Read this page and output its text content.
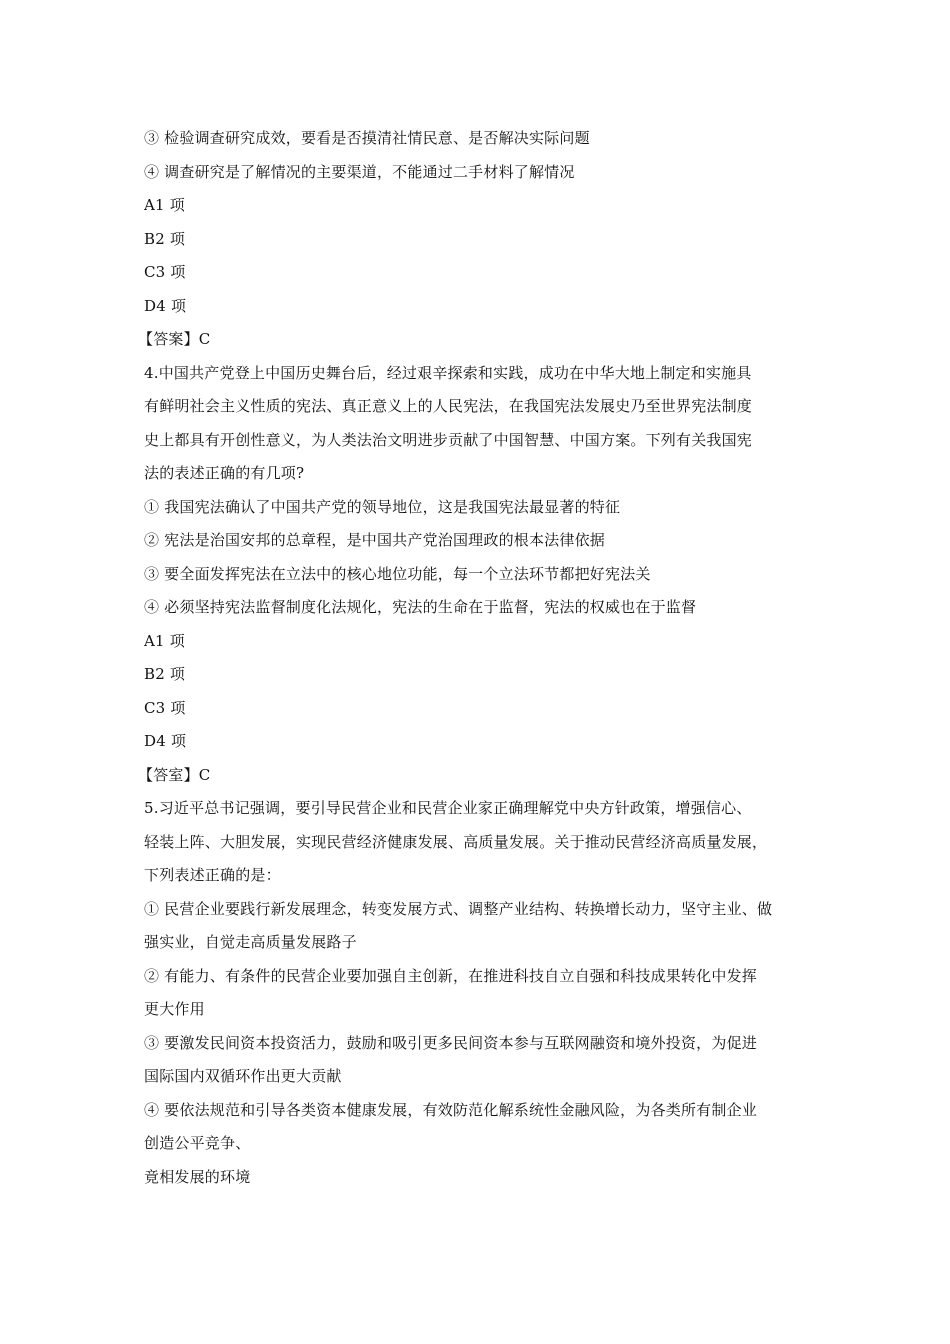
③ 检验调查研究成效，要看是否摸清社情民意、是否解决实际问题
④ 调查研究是了解情况的主要渠道，不能通过二手材料了解情况
A1 项
B2 项
C3 项
D4 项
【答案】C
4.中国共产党登上中国历史舞台后，经过艰辛探索和实践，成功在中华大地上制定和实施具
有鲜明社会主义性质的宪法、真正意义上的人民宪法，在我国宪法发展史乃至世界宪法制度
史上都具有开创性意义，为人类法治文明进步贡献了中国智慧、中国方案。下列有关我国宪
法的表述正确的有几项?
① 我国宪法确认了中国共产党的领导地位，这是我国宪法最显著的特征
② 宪法是治国安邦的总章程，是中国共产党治国理政的根本法律依据
③ 要全面发挥宪法在立法中的核心地位功能，每一个立法环节都把好宪法关
④ 必须坚持宪法监督制度化法规化，宪法的生命在于监督，宪法的权威也在于监督
A1 项
B2 项
C3 项
D4 项
【答室】C
5.习近平总书记强调，要引导民营企业和民营企业家正确理解党中央方针政策，增强信心、
轻装上阵、大胆发展，实现民营经济健康发展、高质量发展。关于推动民营经济高质量发展，
下列表述正确的是：
① 民营企业要践行新发展理念，转变发展方式、调整产业结构、转换增长动力，坚守主业、做
强实业，自觉走高质量发展路子
② 有能力、有条件的民营企业要加强自主创新，在推进科技自立自强和科技成果转化中发挥
更大作用
③ 要激发民间资本投资活力，鼓励和吸引更多民间资本参与互联网融资和境外投资，为促进
国际国内双循环作出更大贡献
④ 要依法规范和引导各类资本健康发展，有效防范化解系统性金融风险，为各类所有制企业
创造公平竞争、
竟相发展的环境
